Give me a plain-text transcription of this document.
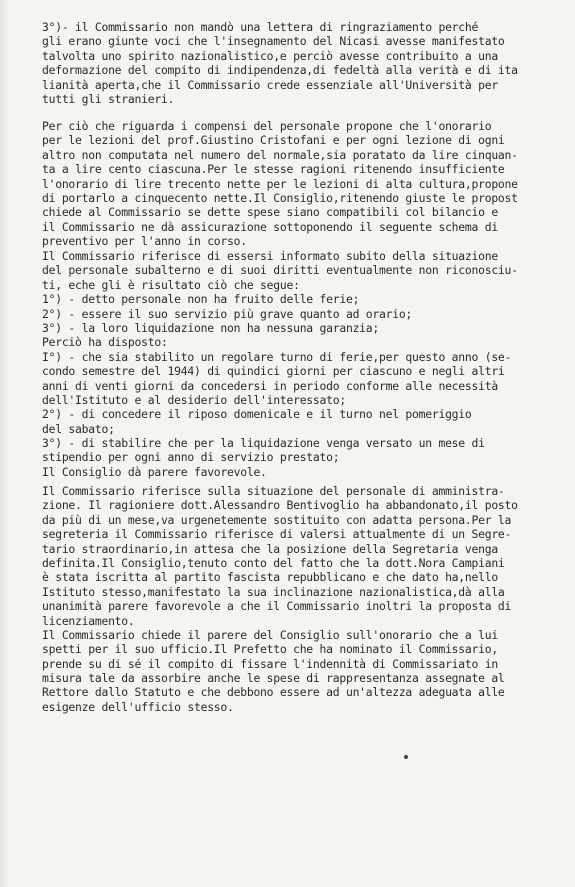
3°)- il Commissario non mandò una lettera di ringraziamento perché
gli erano giunte voci che l'insegnamento del Nicasi avesse manifestato
talvolta uno spirito nazionalistico,e perciò avesse contribuito a una
deformazione del compito di indipendenza,di fedeltà alla verità e di ita
lianità aperta,che il Commissario crede essenziale all'Università per
tutti gli stranieri.
Per ciò che riguarda i compensi del personale propone che l'onorario
per le lezioni del prof.Giustino Cristofani e per ogni lezione di ogni
altro non computata nel numero del normale,sia poratato da lire cinquan-
ta a lire cento ciascuna.Per le stesse ragioni ritenendo insufficiente
l'onorario di lire trecento nette per le lezioni di alta cultura,propone
di portarlo a cinquecento nette.Il Consiglio,ritenendo giuste le propost
chiede al Commissario se dette spese siano compatibili col bilancio e
il Commissario ne dà assicurazione sottoponendo il seguente schema di
preventivo per l'anno in corso.
Il Commissario riferisce di essersi informato subito della situazione
del personale subalterno e di suoi diritti eventualmente non riconosciu-
ti, eche gli è risultato ciò che segue:
1°) - detto personale non ha fruito delle ferie;
2°) - essere il suo servizio più grave quanto ad orario;
3°) - la loro liquidazione non ha nessuna garanzia;
Perciò ha disposto:
I°) - che sia stabilito un regolare turno di ferie,per questo anno (se-
condo semestre del 1944) di quindici giorni per ciascuno e negli altri
anni di venti giorni da concedersi in periodo conforme alle necessità
dell'Istituto e al desiderio dell'interessato;
2°) - di concedere il riposo domenicale e il turno nel pomeriggio
del sabato;
3°) - di stabilire che per la liquidazione venga versato un mese di
stipendio per ogni anno di servizio prestato;
Il Consiglio dà parere favorevole.
Il Commissario riferisce sulla situazione del personale di amministra-
zione. Il ragioniere dott.Alessandro Bentivoglio ha abbandonato,il posto
da più di un mese,va urgenetemente sostituito con adatta persona.Per la
segreteria il Commissario riferisce di valersi attualmente di un Segre-
tario straordinario,in attesa che la posizione della Segretaria venga
definita.Il Consiglio,tenuto conto del fatto che la dott.Nora Campiani
è stata iscritta al partito fascista repubblicano e che dato ha,nello
Istituto stesso,manifestato la sua inclinazione nazionalistica,dà alla
unanimità parere favorevole a che il Commissario inoltri la proposta di
licenziamento.
Il Commissario chiede il parere del Consiglio sull'onorario che a lui
spetti per il suo ufficio.Il Prefetto che ha nominato il Commissario,
prende su di sé il compito di fissare l'indennità di Commissariato in
misura tale da assorbire anche le spese di rappresentanza assegnate al
Rettore dallo Statuto e che debbono essere ad un'altezza adeguata alle
esigenze dell'ufficio stesso.
